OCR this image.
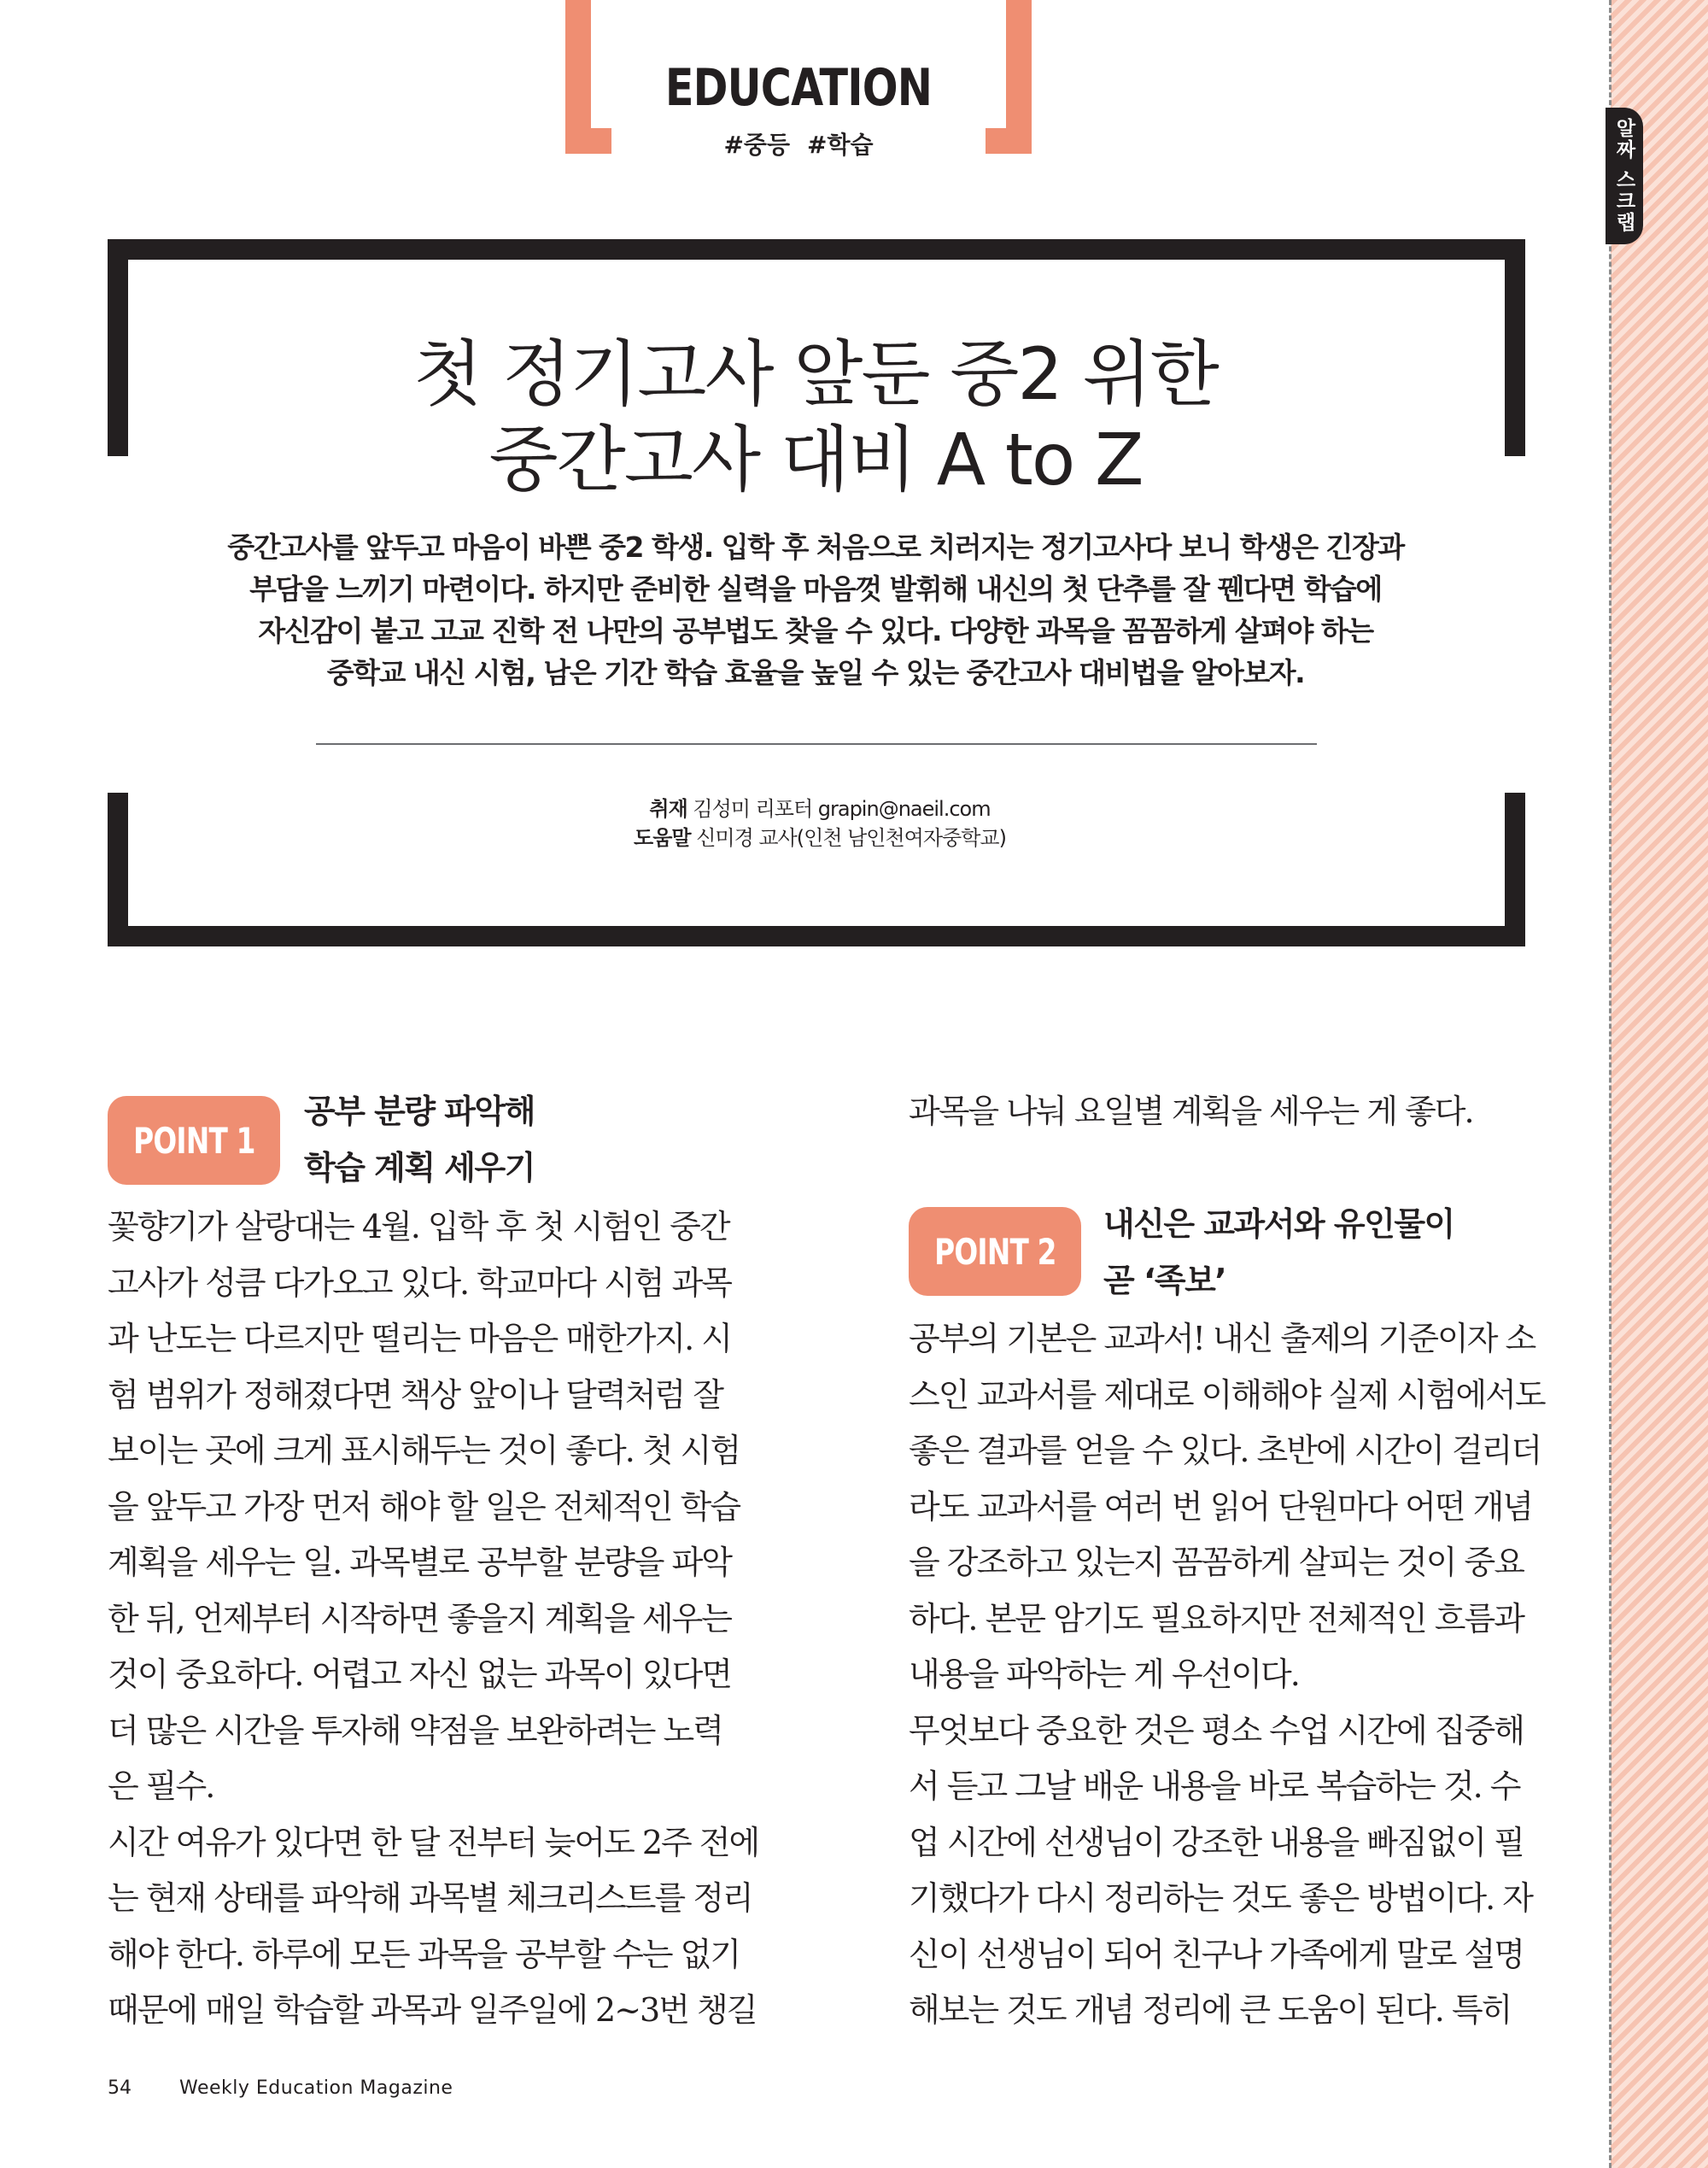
알짜 스크랩
EDUCATION
#중등 #학습
첫 정기고사 앞둔 중2 위한
중간고사 대비 A to Z
중간고사를 앞두고 마음이 바쁜 중2 학생. 입학 후 처음으로 치러지는 정기고사다 보니 학생은 긴장과
부담을 느끼기 마련이다. 하지만 준비한 실력을 마음껏 발휘해 내신의 첫 단추를 잘 꿴다면 학습에
자신감이 붙고 고교 진학 전 나만의 공부법도 찾을 수 있다. 다양한 과목을 꼼꼼하게 살펴야 하는
중학교 내신 시험, 남은 기간 학습 효율을 높일 수 있는 중간고사 대비법을 알아보자.
취재 김성미 리포터 grapin@naeil.com
도움말 신미경 교사(인천 남인천여자중학교)
POINT 1
공부 분량 파악해
학습 계획 세우기

꽃향기가 살랑대는 4월. 입학 후 첫 시험인 중간

고사가 성큼 다가오고 있다. 학교마다 시험 과목

과 난도는 다르지만 떨리는 마음은 매한가지. 시

험 범위가 정해졌다면 책상 앞이나 달력처럼 잘

보이는 곳에 크게 표시해두는 것이 좋다. 첫 시험

을 앞두고 가장 먼저 해야 할 일은 전체적인 학습

계획을 세우는 일. 과목별로 공부할 분량을 파악

한 뒤, 언제부터 시작하면 좋을지 계획을 세우는

것이 중요하다. 어렵고 자신 없는 과목이 있다면

더 많은 시간을 투자해 약점을 보완하려는 노력

은 필수.

시간 여유가 있다면 한 달 전부터 늦어도 2주 전에

는 현재 상태를 파악해 과목별 체크리스트를 정리

해야 한다. 하루에 모든 과목을 공부할 수는 없기

때문에 매일 학습할 과목과 일주일에 2~3번 챙길

과목을 나눠 요일별 계획을 세우는 게 좋다.

POINT 2
내신은 교과서와 유인물이
곧 ‘족보’

공부의 기본은 교과서! 내신 출제의 기준이자 소

스인 교과서를 제대로 이해해야 실제 시험에서도

좋은 결과를 얻을 수 있다. 초반에 시간이 걸리더

라도 교과서를 여러 번 읽어 단원마다 어떤 개념

을 강조하고 있는지 꼼꼼하게 살피는 것이 중요

하다. 본문 암기도 필요하지만 전체적인 흐름과

내용을 파악하는 게 우선이다.

무엇보다 중요한 것은 평소 수업 시간에 집중해

서 듣고 그날 배운 내용을 바로 복습하는 것. 수

업 시간에 선생님이 강조한 내용을 빠짐없이 필

기했다가 다시 정리하는 것도 좋은 방법이다. 자

신이 선생님이 되어 친구나 가족에게 말로 설명

해보는 것도 개념 정리에 큰 도움이 된다. 특히

54	Weekly Education Magazine
